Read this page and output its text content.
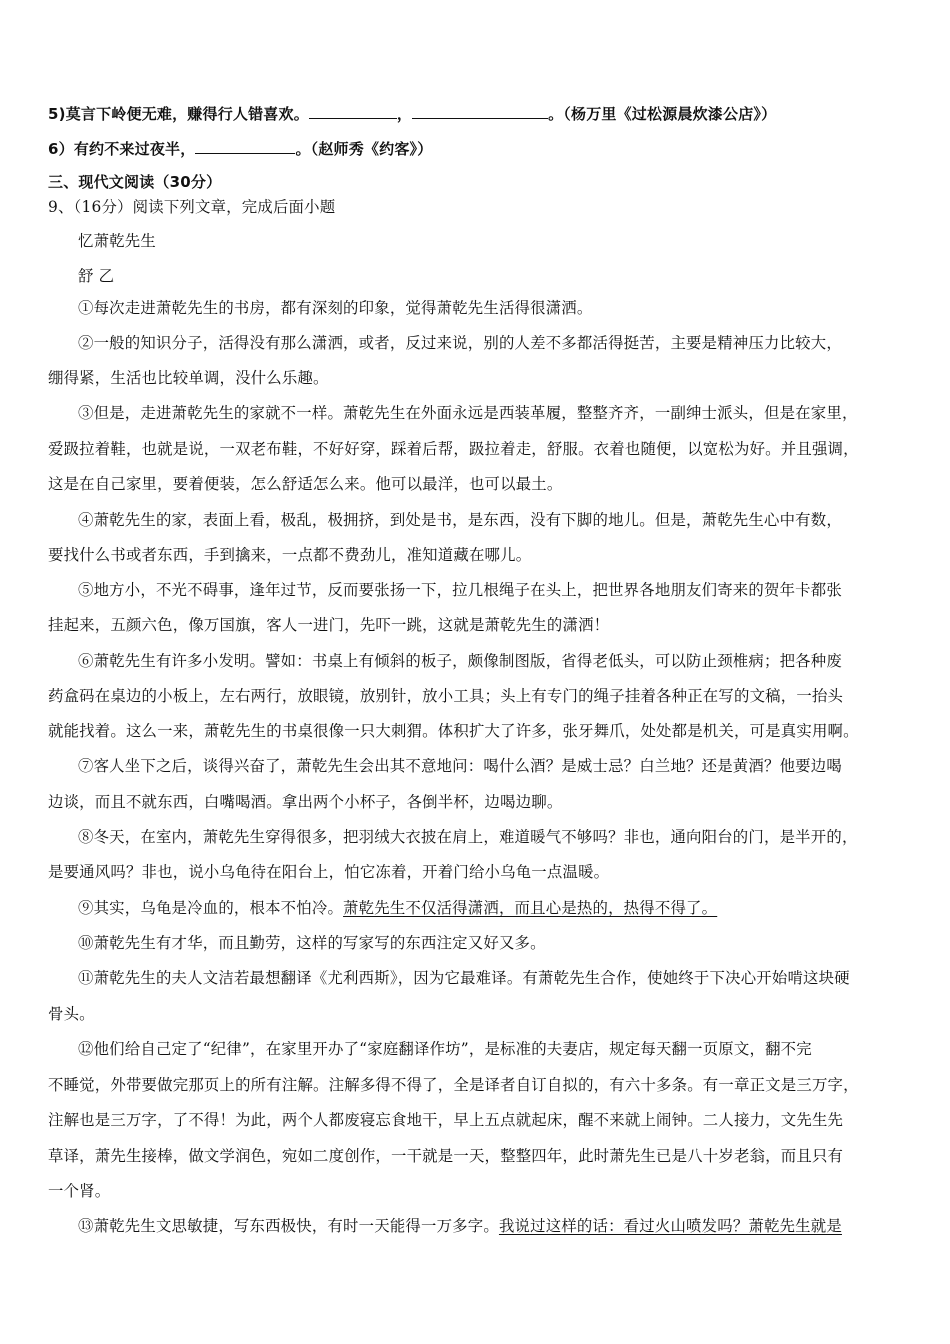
5)莫言下岭便无难，赚得行人错喜欢。	，	。（杨万里《过松源晨炊漆公店》）
6）有约不来过夜半，	。（赵师秀《约客》）
三、现代文阅读（30分）
9、（16分）阅读下列文章，完成后面小题
忆萧乾先生
舒 乙
①每次走进萧乾先生的书房，都有深刻的印象，觉得萧乾先生活得很潇洒。
②一般的知识分子，活得没有那么潇洒，或者，反过来说，别的人差不多都活得挺苦，主要是精神压力比较大，
绷得紧，生活也比较单调，没什么乐趣。
③但是，走进萧乾先生的家就不一样。萧乾先生在外面永远是西装革履，整整齐齐，一副绅士派头，但是在家里，
爱趿拉着鞋，也就是说，一双老布鞋，不好好穿，踩着后帮，趿拉着走，舒服。衣着也随便，以宽松为好。并且强调，
这是在自己家里，要着便装，怎么舒适怎么来。他可以最洋，也可以最土。
④萧乾先生的家，表面上看，极乱，极拥挤，到处是书，是东西，没有下脚的地儿。但是，萧乾先生心中有数，
要找什么书或者东西，手到擒来，一点都不费劲儿，准知道藏在哪儿。
⑤地方小，不光不碍事，逢年过节，反而要张扬一下，拉几根绳子在头上，把世界各地朋友们寄来的贺年卡都张
挂起来，五颜六色，像万国旗，客人一进门，先吓一跳，这就是萧乾先生的潇洒！
⑥萧乾先生有许多小发明。譬如：书桌上有倾斜的板子，颇像制图版，省得老低头，可以防止颈椎病；把各种废
药盒码在桌边的小板上，左右两行，放眼镜，放别针，放小工具；头上有专门的绳子挂着各种正在写的文稿，一抬头
就能找着。这么一来，萧乾先生的书桌很像一只大刺猬。体积扩大了许多，张牙舞爪，处处都是机关，可是真实用啊。
⑦客人坐下之后，谈得兴奋了，萧乾先生会出其不意地问：喝什么酒？是威士忌？白兰地？还是黄酒？他要边喝
边谈，而且不就东西，白嘴喝酒。拿出两个小杯子，各倒半杯，边喝边聊。
⑧冬天，在室内，萧乾先生穿得很多，把羽绒大衣披在肩上，难道暖气不够吗？非也，通向阳台的门，是半开的，
是要通风吗？非也，说小乌龟待在阳台上，怕它冻着，开着门给小乌龟一点温暖。
⑨其实，乌龟是冷血的，根本不怕冷。萧乾先生不仅活得潇洒，而且心是热的，热得不得了。
⑩萧乾先生有才华，而且勤劳，这样的写家写的东西注定又好又多。
⑪萧乾先生的夫人文洁若最想翻译《尤利西斯》，因为它最难译。有萧乾先生合作，使她终于下决心开始啃这块硬
骨头。
⑫他们给自己定了“纪律”，在家里开办了“家庭翻译作坊”，是标准的夫妻店，规定每天翻一页原文，翻不完
不睡觉，外带要做完那页上的所有注解。注解多得不得了，全是译者自订自拟的，有六十多条。有一章正文是三万字，
注解也是三万字，了不得！为此，两个人都废寝忘食地干，早上五点就起床，醒不来就上闹钟。二人接力，文先生先
草译，萧先生接棒，做文学润色，宛如二度创作，一干就是一天，整整四年，此时萧先生已是八十岁老翁，而且只有
一个肾。
⑬萧乾先生文思敏捷，写东西极快，有时一天能得一万多字。我说过这样的话：看过火山喷发吗？萧乾先生就是
